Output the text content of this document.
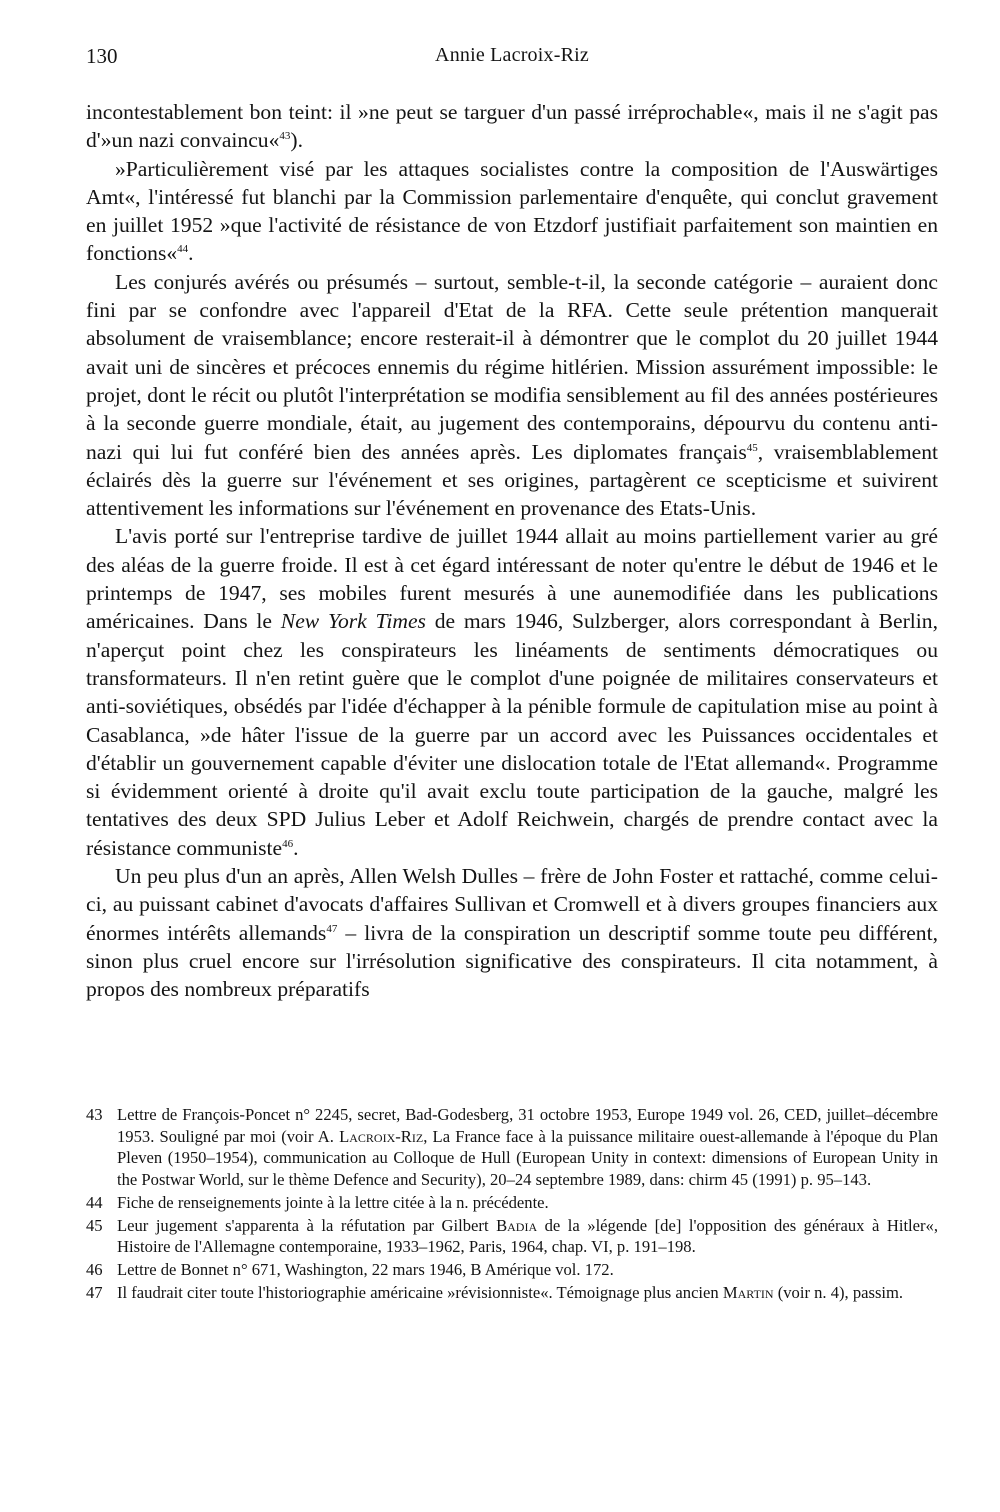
130	Annie Lacroix-Riz

incontestablement bon teint: il »ne peut se targuer d'un passé irréprochable«, mais il ne s'agit pas d'»un nazi convaincu«$^{43}$).

»Particulièrement visé par les attaques socialistes contre la composition de l'Auswärtiges Amt«, l'intéressé fut blanchi par la Commission parlementaire d'enquête, qui conclut gravement en juillet 1952 »que l'activité de résistance de von Etzdorf justifiait parfaitement son maintien en fonctions«$^{44}$.

Les conjurés avérés ou présumés – surtout, semble-t-il, la seconde catégorie – auraient donc fini par se confondre avec l'appareil d'Etat de la RFA. Cette seule prétention manquerait absolument de vraisemblance; encore resterait-il à démontrer que le complot du 20 juillet 1944 avait uni de sincères et précoces ennemis du régime hitlérien. Mission assurément impossible: le projet, dont le récit ou plutôt l'interprétation se modifia sensiblement au fil des années postérieures à la seconde guerre mondiale, était, au jugement des contemporains, dépourvu du contenu anti-nazi qui lui fut conféré bien des années après. Les diplomates français$^{45}$, vraisemblablement éclairés dès la guerre sur l'événement et ses origines, partagèrent ce scepticisme et suivirent attentivement les informations sur l'événement en provenance des Etats-Unis.

L'avis porté sur l'entreprise tardive de juillet 1944 allait au moins partiellement varier au gré des aléas de la guerre froide. Il est à cet égard intéressant de noter qu'entre le début de 1946 et le printemps de 1947, ses mobiles furent mesurés à une aunemodifiée dans les publications américaines. Dans le New York Times de mars 1946, Sulzberger, alors correspondant à Berlin, n'aperçut point chez les conspirateurs les linéaments de sentiments démocratiques ou transformateurs. Il n'en retint guère que le complot d'une poignée de militaires conservateurs et anti-soviétiques, obsédés par l'idée d'échapper à la pénible formule de capitulation mise au point à Casablanca, »de hâter l'issue de la guerre par un accord avec les Puissances occidentales et d'établir un gouvernement capable d'éviter une dislocation totale de l'Etat allemand«. Programme si évidemment orienté à droite qu'il avait exclu toute participation de la gauche, malgré les tentatives des deux SPD Julius Leber et Adolf Reichwein, chargés de prendre contact avec la résistance communiste$^{46}$.

Un peu plus d'un an après, Allen Welsh Dulles – frère de John Foster et rattaché, comme celui-ci, au puissant cabinet d'avocats d'affaires Sullivan et Cromwell et à divers groupes financiers aux énormes intérêts allemands$^{47}$ – livra de la conspiration un descriptif somme toute peu différent, sinon plus cruel encore sur l'irrésolution significative des conspirateurs. Il cita notamment, à propos des nombreux préparatifs

43 Lettre de François-Poncet n° 2245, secret, Bad-Godesberg, 31 octobre 1953, Europe 1949 vol. 26, CED, juillet–décembre 1953. Souligné par moi (voir A. Lacroix-Riz, La France face à la puissance militaire ouest-allemande à l'époque du Plan Pleven (1950–1954), communication au Colloque de Hull (European Unity in context: dimensions of European Unity in the Postwar World, sur le thème Defence and Security), 20–24 septembre 1989, dans: chirm 45 (1991) p. 95–143.

44 Fiche de renseignements jointe à la lettre citée à la n. précédente.

45 Leur jugement s'apparenta à la réfutation par Gilbert Badia de la »légende [de] l'opposition des généraux à Hitler«, Histoire de l'Allemagne contemporaine, 1933–1962, Paris, 1964, chap. VI, p. 191–198.

46 Lettre de Bonnet n° 671, Washington, 22 mars 1946, B Amérique vol. 172.

47 Il faudrait citer toute l'historiographie américaine »révisionniste«. Témoignage plus ancien Martin (voir n. 4), passim.
